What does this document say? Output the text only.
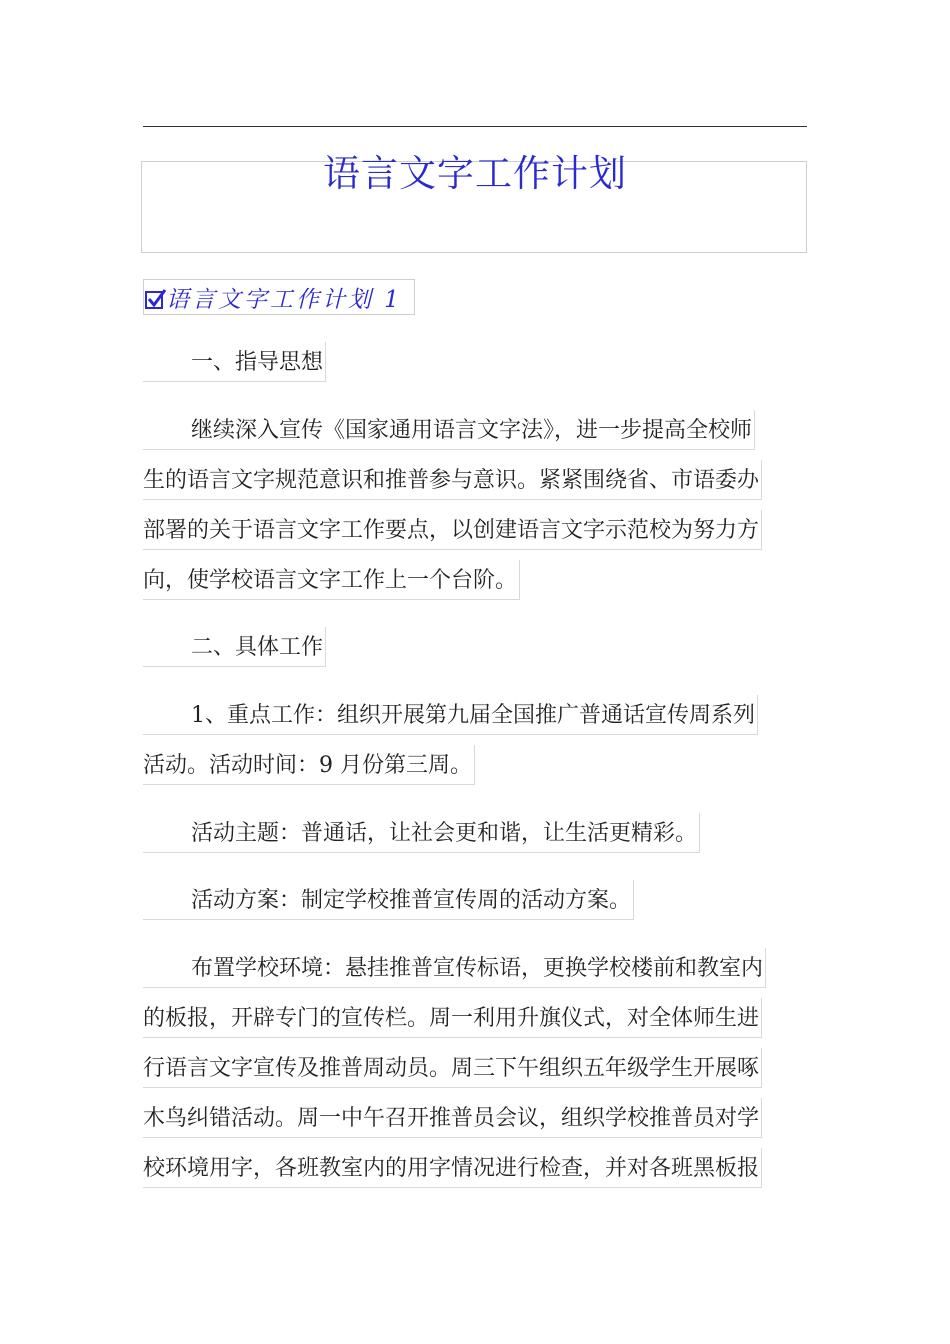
语言文字工作计划
语言文字工作计划 1
一、指导思想
继续深入宣传《国家通用语言文字法》，进一步提高全校师
生的语言文字规范意识和推普参与意识。紧紧围绕省、市语委办
部署的关于语言文字工作要点，以创建语言文字示范校为努力方
向，使学校语言文字工作上一个台阶。
二、具体工作
1、重点工作：组织开展第九届全国推广普通话宣传周系列
活动。活动时间：9 月份第三周。
活动主题：普通话，让社会更和谐，让生活更精彩。
活动方案：制定学校推普宣传周的活动方案。
布置学校环境：悬挂推普宣传标语，更换学校楼前和教室内
的板报，开辟专门的宣传栏。周一利用升旗仪式，对全体师生进
行语言文字宣传及推普周动员。周三下午组织五年级学生开展啄
木鸟纠错活动。周一中午召开推普员会议，组织学校推普员对学
校环境用字，各班教室内的用字情况进行检查，并对各班黑板报
